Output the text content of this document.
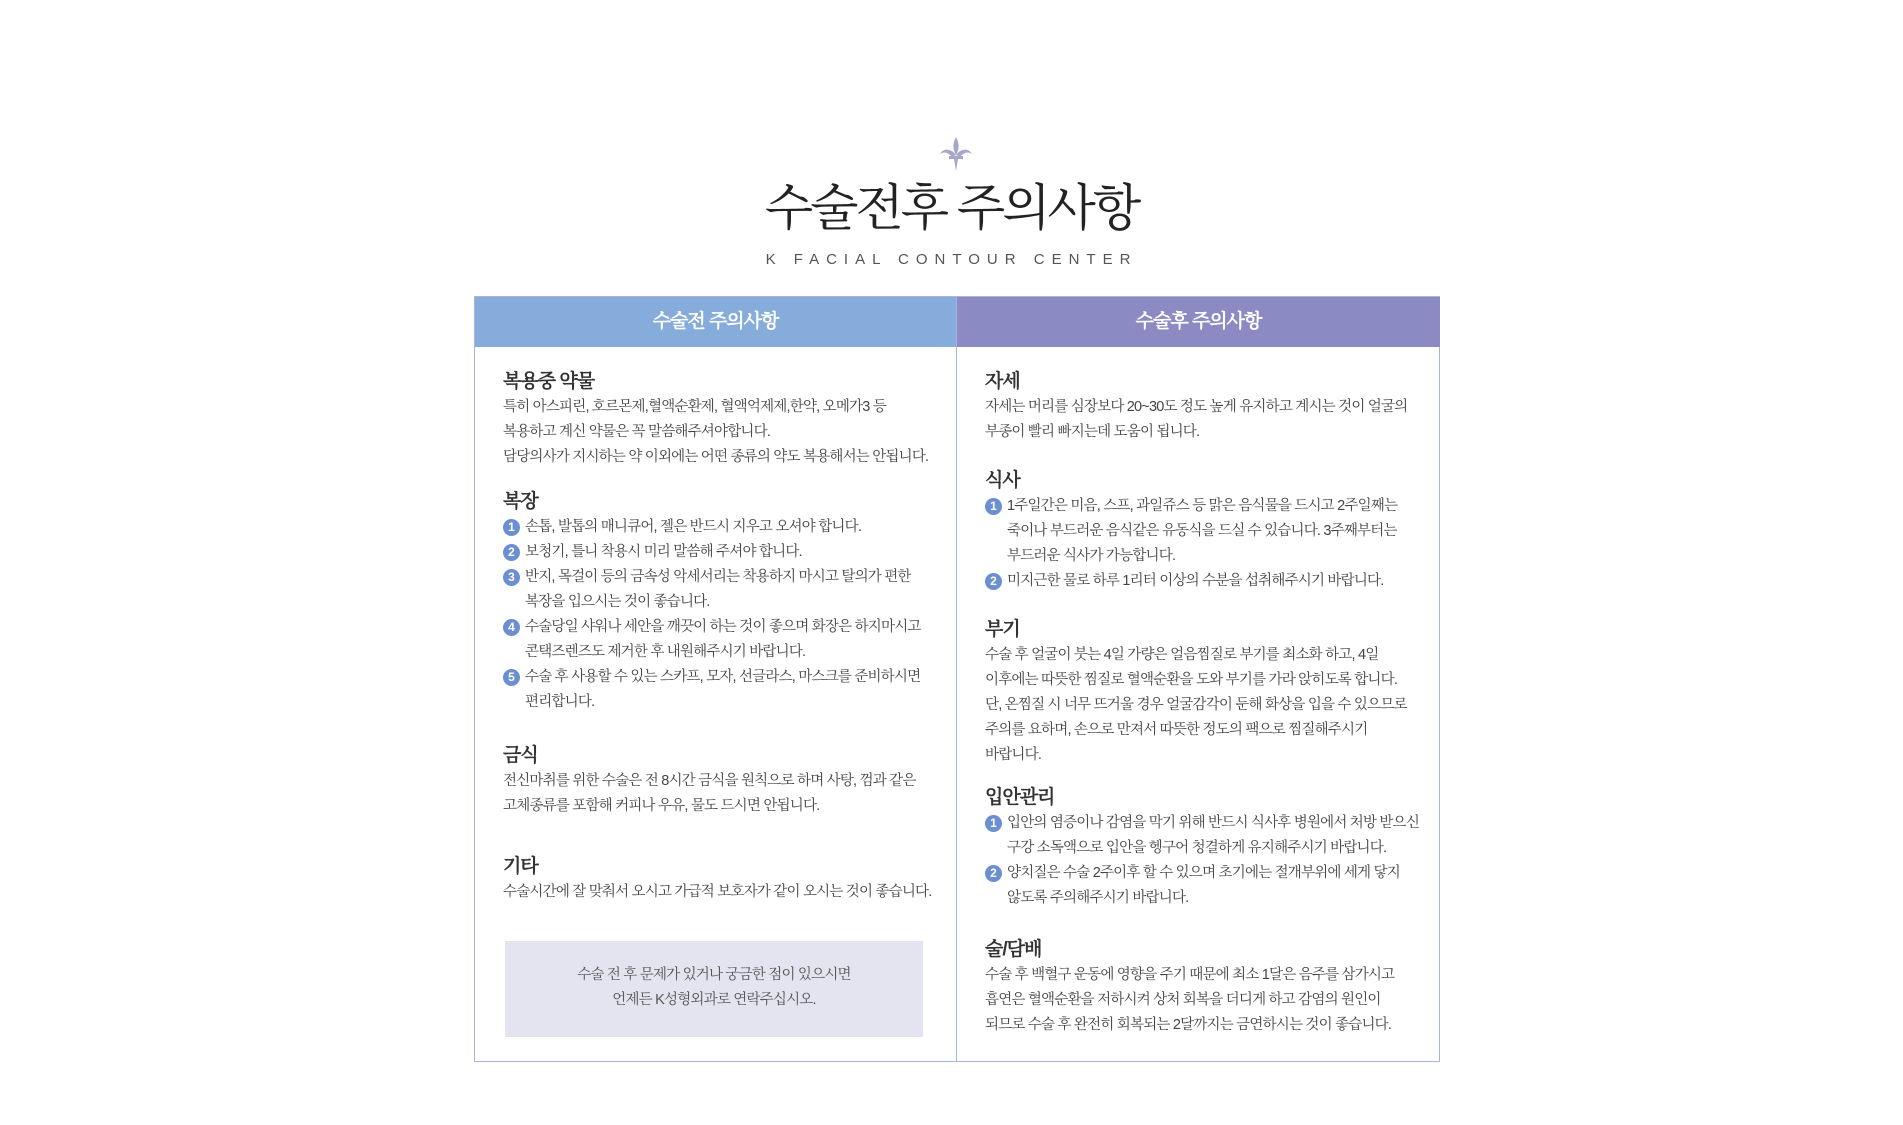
수술전후 주의사항
K FACIAL CONTOUR CENTER
수술전 주의사항
복용중 약물
특히 아스피린, 호르몬제,혈액순환제, 혈액억제제,한약, 오메가3 등
복용하고 계신 약물은 꼭 말씀해주셔야합니다.
담당의사가 지시하는 약 이외에는 어떤 종류의 약도 복용해서는 안됩니다.
복장
1 손톱, 발톱의 매니큐어, 젤은 반드시 지우고 오셔야 합니다.
2 보청기, 틀니 착용시 미리 말씀해 주셔야 합니다.
3 반지, 목걸이 등의 금속성 악세서리는 착용하지 마시고 탈의가 편한
복장을 입으시는 것이 좋습니다.
4 수술당일 샤워나 세안을 깨끗이 하는 것이 좋으며 화장은 하지마시고
콘택즈렌즈도 제거한 후 내원해주시기 바랍니다.
5 수술 후 사용할 수 있는 스카프, 모자, 선글라스, 마스크를 준비하시면
편리합니다.
금식
전신마취를 위한 수술은 전 8시간 금식을 원칙으로 하며 사탕, 껌과 같은
고체종류를 포함해 커피나 우유, 물도 드시면 안됩니다.
기타
수술시간에 잘 맞춰서 오시고 가급적 보호자가 같이 오시는 것이 좋습니다.
수술 전 후 문제가 있거나 궁금한 점이 있으시면
언제든 K성형외과로 연락주십시오.
수술후 주의사항
자세
자세는 머리를 심장보다 20~30도 정도 높게 유지하고 계시는 것이 얼굴의
부종이 빨리 빠지는데 도움이 됩니다.
식사
1 1주일간은 미음, 스프, 과일쥬스 등 맑은 음식물을 드시고 2주일째는
죽이나 부드러운 음식같은 유동식을 드실 수 있습니다. 3주째부터는
부드러운 식사가 가능합니다.
2 미지근한 물로 하루 1리터 이상의 수분을 섭취해주시기 바랍니다.
부기
수술 후 얼굴이 붓는 4일 가량은 얼음찜질로 부기를 최소화 하고, 4일
이후에는 따뜻한 찜질로 혈액순환을 도와 부기를 가라 앉히도록 합니다.
단, 온찜질 시 너무 뜨거울 경우 얼굴감각이 둔해 화상을 입을 수 있으므로
주의를 요하며, 손으로 만져서 따뜻한 정도의 팩으로 찜질해주시기
바랍니다.
입안관리
1 입안의 염증이나 감염을 막기 위해 반드시 식사후 병원에서 처방 받으신
구강 소독액으로 입안을 헹구어 청결하게 유지해주시기 바랍니다.
2 양치질은 수술 2주이후 할 수 있으며 초기에는 절개부위에 세게 닿지
않도록 주의해주시기 바랍니다.
술/담배
수술 후 백혈구 운동에 영향을 주기 때문에 최소 1달은 음주를 삼가시고
흡연은 혈액순환을 저하시켜 상처 회복을 더디게 하고 감염의 원인이
되므로 수술 후 완전히 회복되는 2달까지는 금연하시는 것이 좋습니다.
